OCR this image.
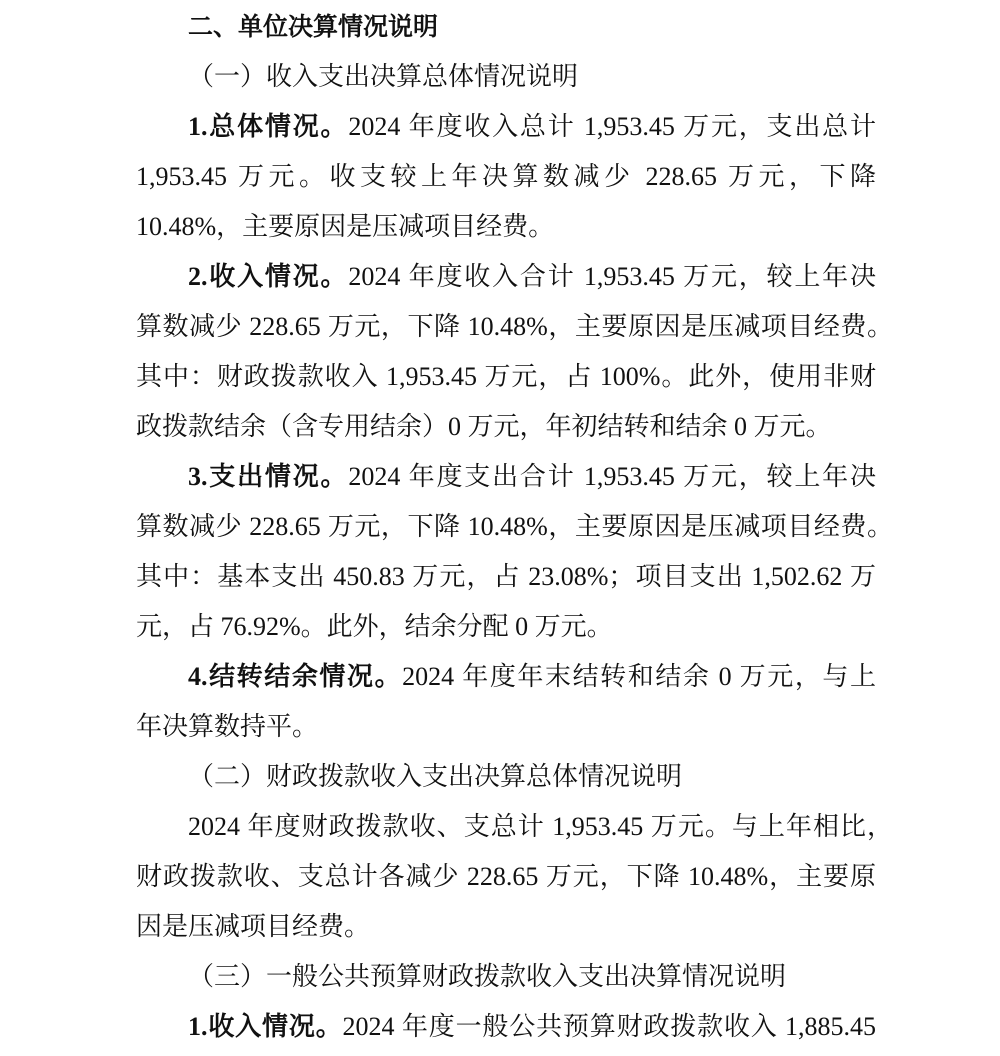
二、单位决算情况说明
（一）收入支出决算总体情况说明
1.总体情况。2024 年度收入总计 1,953.45 万元，支出总计
1,953.45 万元。收支较上年决算数减少 228.65 万元，下降
10.48%，主要原因是压减项目经费。
2.收入情况。2024 年度收入合计 1,953.45 万元，较上年决
算数减少 228.65 万元，下降 10.48%，主要原因是压减项目经费。
其中：财政拨款收入 1,953.45 万元，占 100%。此外，使用非财
政拨款结余（含专用结余）0 万元，年初结转和结余 0 万元。
3.支出情况。2024 年度支出合计 1,953.45 万元，较上年决
算数减少 228.65 万元，下降 10.48%，主要原因是压减项目经费。
其中：基本支出 450.83 万元，占 23.08%；项目支出 1,502.62 万
元，占 76.92%。此外，结余分配 0 万元。
4.结转结余情况。2024 年度年末结转和结余 0 万元，与上
年决算数持平。
（二）财政拨款收入支出决算总体情况说明
2024 年度财政拨款收、支总计 1,953.45 万元。与上年相比，
财政拨款收、支总计各减少 228.65 万元，下降 10.48%，主要原
因是压减项目经费。
（三）一般公共预算财政拨款收入支出决算情况说明
1.收入情况。2024 年度一般公共预算财政拨款收入 1,885.45
